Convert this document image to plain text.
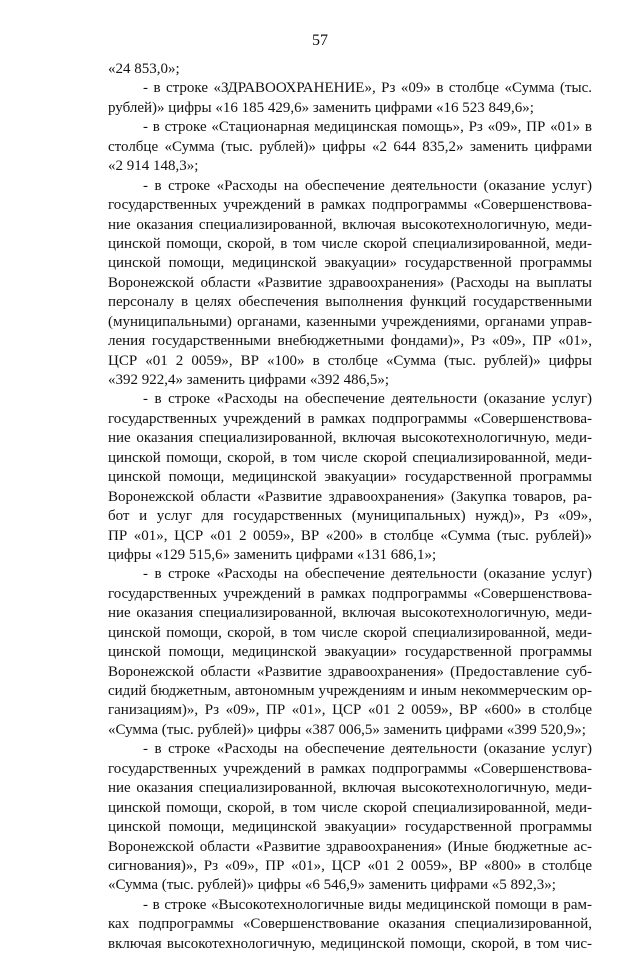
57
«24 853,0»;
- в строке «ЗДРАВООХРАНЕНИЕ», Рз «09» в столбце «Сумма (тыс.
рублей)» цифры «16 185 429,6» заменить цифрами «16 523 849,6»;
- в строке «Стационарная медицинская помощь», Рз «09», ПР «01» в
столбце «Сумма (тыс. рублей)» цифры «2 644 835,2» заменить цифрами
«2 914 148,3»;
- в строке «Расходы на обеспечение деятельности (оказание услуг)
государственных учреждений в рамках подпрограммы «Совершенствова-
ние оказания специализированной, включая высокотехнологичную, меди-
цинской помощи, скорой, в том числе скорой специализированной, меди-
цинской помощи, медицинской эвакуации» государственной программы
Воронежской области «Развитие здравоохранения» (Расходы на выплаты
персоналу в целях обеспечения выполнения функций государственными
(муниципальными) органами, казенными учреждениями, органами управ-
ления государственными внебюджетными фондами)», Рз «09», ПР «01»,
ЦСР «01 2 0059», ВР «100» в столбце «Сумма (тыс. рублей)» цифры
«392 922,4» заменить цифрами «392 486,5»;
- в строке «Расходы на обеспечение деятельности (оказание услуг)
государственных учреждений в рамках подпрограммы «Совершенствова-
ние оказания специализированной, включая высокотехнологичную, меди-
цинской помощи, скорой, в том числе скорой специализированной, меди-
цинской помощи, медицинской эвакуации» государственной программы
Воронежской области «Развитие здравоохранения» (Закупка товаров, ра-
бот и услуг для государственных (муниципальных) нужд)», Рз «09»,
ПР «01», ЦСР «01 2 0059», ВР «200» в столбце «Сумма (тыс. рублей)»
цифры «129 515,6» заменить цифрами «131 686,1»;
- в строке «Расходы на обеспечение деятельности (оказание услуг)
государственных учреждений в рамках подпрограммы «Совершенствова-
ние оказания специализированной, включая высокотехнологичную, меди-
цинской помощи, скорой, в том числе скорой специализированной, меди-
цинской помощи, медицинской эвакуации» государственной программы
Воронежской области «Развитие здравоохранения» (Предоставление суб-
сидий бюджетным, автономным учреждениям и иным некоммерческим ор-
ганизациям)», Рз «09», ПР «01», ЦСР «01 2 0059», ВР «600» в столбце
«Сумма (тыс. рублей)» цифры «387 006,5» заменить цифрами «399 520,9»;
- в строке «Расходы на обеспечение деятельности (оказание услуг)
государственных учреждений в рамках подпрограммы «Совершенствова-
ние оказания специализированной, включая высокотехнологичную, меди-
цинской помощи, скорой, в том числе скорой специализированной, меди-
цинской помощи, медицинской эвакуации» государственной программы
Воронежской области «Развитие здравоохранения» (Иные бюджетные ас-
сигнования)», Рз «09», ПР «01», ЦСР «01 2 0059», ВР «800» в столбце
«Сумма (тыс. рублей)» цифры «6 546,9» заменить цифрами «5 892,3»;
- в строке «Высокотехнологичные виды медицинской помощи в рам-
ках подпрограммы «Совершенствование оказания специализированной,
включая высокотехнологичную, медицинской помощи, скорой, в том чис-
